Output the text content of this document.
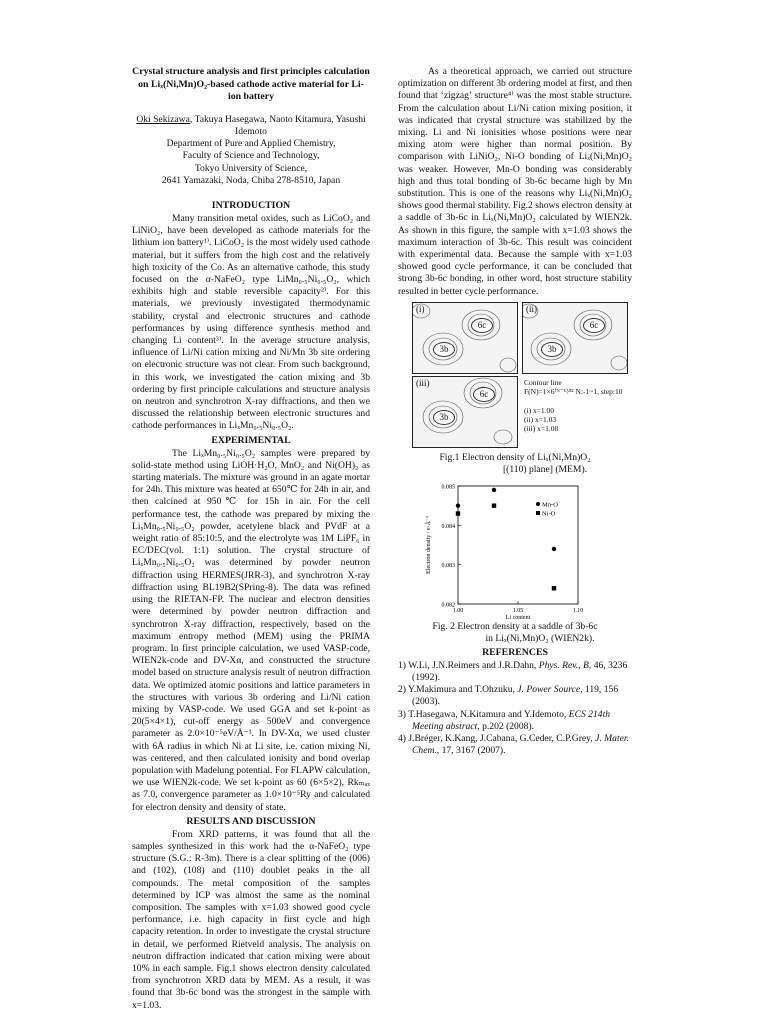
Crystal structure analysis and first principles calculation on Liₓ(Ni,Mn)O₂-based cathode active material for Li-ion battery
Oki Sekizawa, Takuya Hasegawa, Naoto Kitamura, Yasushi Idemoto
Department of Pure and Applied Chemistry,
Faculty of Science and Technology,
Tokyo University of Science,
2641 Yamazaki, Noda, Chiba 278-8510, Japan
INTRODUCTION

Many transition metal oxides, such as LiCoO₂ and LiNiO₂, have been developed as cathode materials for the lithium ion battery¹⁾. LiCoO₂ is the most widely used cathode material, but it suffers from the high cost and the relatively high toxicity of the Co. As an alternative cathode, this study focused on the α-NaFeO₂ type LiMn₀.₅Ni₀.₅O₂, which exhibits high and stable reversible capacity²⁾. For this materials, we previously investigated thermodynamic stability, crystal and electronic structures and cathode performances by using difference synthesis method and changing Li content³⁾. In the average structure analysis, influence of Li/Ni cation mixing and Ni/Mn 3b site ordering on electronic structure was not clear. From such background, in this work, we investigated the cation mixing and 3b ordering by first principle calculations and structure analysis on neutron and synchrotron X-ray diffractions, and then we discussed the relationship between electronic structures and cathode performances in LiₓMn₀.₅Ni₀.₅O₂.

EXPERIMENTAL

The LiₓMn₀.₅Ni₀.₅O₂ samples were prepared by solid-state method using LiOH·H₂O, MnO₂ and Ni(OH)₂ as starting materials. The mixture was ground in an agate mortar for 24h. This mixture was heated at 650℃ for 24h in air, and then calcined at 950℃ for 15h in air. For the cell performance test, the cathode was prepared by mixing the LiₓMn₀.₅Ni₀.₅O₂ powder, acetylene black and PVdF at a weight ratio of 85:10:5, and the electrolyte was 1M LiPF₆ in EC/DEC(vol. 1:1) solution. The crystal structure of LiₓMn₀.₅Ni₀.₅O₂ was determined by powder neutron diffraction using HERMES(JRR-3), and synchrotron X-ray diffraction using BL19B2(SPring-8). The data was refined using the RIETAN-FP. The nuclear and electron densities were determined by powder neutron diffraction and synchrotron X-ray diffraction, respectively, based on the maximum entropy method (MEM) using the PRIMA program. In first principle calculation, we used VASP-code, WIEN2k-code and DV-Xα, and constructed the structure model based on structure analysis result of neutron diffraction data. We optimized atomic positions and lattice parameters in the structures with various 3b ordering and Li/Ni cation mixing by VASP-code. We used GGA and set k-point as 20(5×4×1), cut-off energy as 500eV and convergence parameter as 2.0×10⁻⁵eV/Å⁻¹. In DV-Xα, we used cluster with 6Å radius in which Ni at Li site, i.e. cation mixing Ni, was centered, and then calculated ionisity and bond overlap population with Madelung potential. For FLAPW calculation, we use WIEN2k-code. We set k-point as 60 (6×5×2), Rkₘₐₓ as 7.0, convergence parameter as 1.0×10⁻⁵Ry and calculated for electron density and density of state.

RESULTS AND DISCUSSION

From XRD patterns, it was found that all the samples synthesized in this work had the α-NaFeO₂ type structure (S.G.: R-3m). There is a clear splitting of the (006) and (102), (108) and (110) doublet peaks in the all compounds. The metal composition of the samples determined by ICP was almost the same as the nominal composition. The samples with x=1.03 showed good cycle performance, i.e. high capacity in first cycle and high capacity retention. In order to investigate the crystal structure in detail, we performed Rietveld analysis. The analysis on neutron diffraction indicated that cation mixing were about 10% in each sample. Fig.1 shows electron density calculated from synchrotron XRD data by MEM. As a result, it was found that 3b-6c bond was the strongest in the sample with x=1.03.

As a theoretical approach, we carried out structure optimization on different 3b ordering model at first, and then found that ‘zigzag’ structure⁴⁾ was the most stable structure. From the calculation about Li/Ni cation mixing position, it was indicated that crystal structure was stabilized by the mixing. Li and Ni ionisities whose positions were near mixing atom were higher than normal position. By comparison with LiNiO₂, Ni-O bonding of Liₓ(Ni,Mn)O₂ was weaker. However, Mn-O bonding was considerably high and thus total bonding of 3b-6c became high by Mn substitution. This is one of the reasons why Liₓ(Ni,Mn)O₂ shows good thermal stability. Fig.2 shows electron density at a saddle of 3b-6c in Liₓ(Ni,Mn)O₂ calculated by WIEN2k. As shown in this figure, the sample with x=1.03 shows the maximum interaction of 3b-6c. This result was coincident with experimental data. Because the sample with x=1.03 showed good cycle performance, it can be concluded that strong 3b-6c bonding, in other word, host structure stability resulted in better cycle performance.

(i)
6c
3b
(ii)
6c
3b
(iii)
6c
3b
Contour line
F(N)=1×6⁽ᴺ⁻¹⁾⁄³² N:-1~1, step:10
(i) x=1.00
(ii) x=1.03
(iii) x=1.08
Fig.1 Electron density of Liₓ(Ni,Mn)O₂
[(110) plane] (MEM).
0.082
0.083
0.084
0.085
1.00	1.05	1.10
Li content
Electron density / e·Å⁻³
Mn-O
Ni-O
Fig. 2 Electron density at a saddle of 3b-6c
in Liₓ(Ni,Mn)O₂ (WIEN2k).
REFERENCES
1) W.Li, J.N.Reimers and J.R.Dahn, Phys. Rev., B, 46, 3236 (1992).
2) Y.Makimura and T.Ohzuku, J. Power Source, 119, 156 (2003).
3) T.Hasegawa, N.Kitamura and Y.Idemoto, ECS 214th Meeting abstract, p.202 (2008).
4) J.Bréger, K.Kang, J.Cabana, G.Ceder, C.P.Grey, J. Mater. Chem., 17, 3167 (2007).
